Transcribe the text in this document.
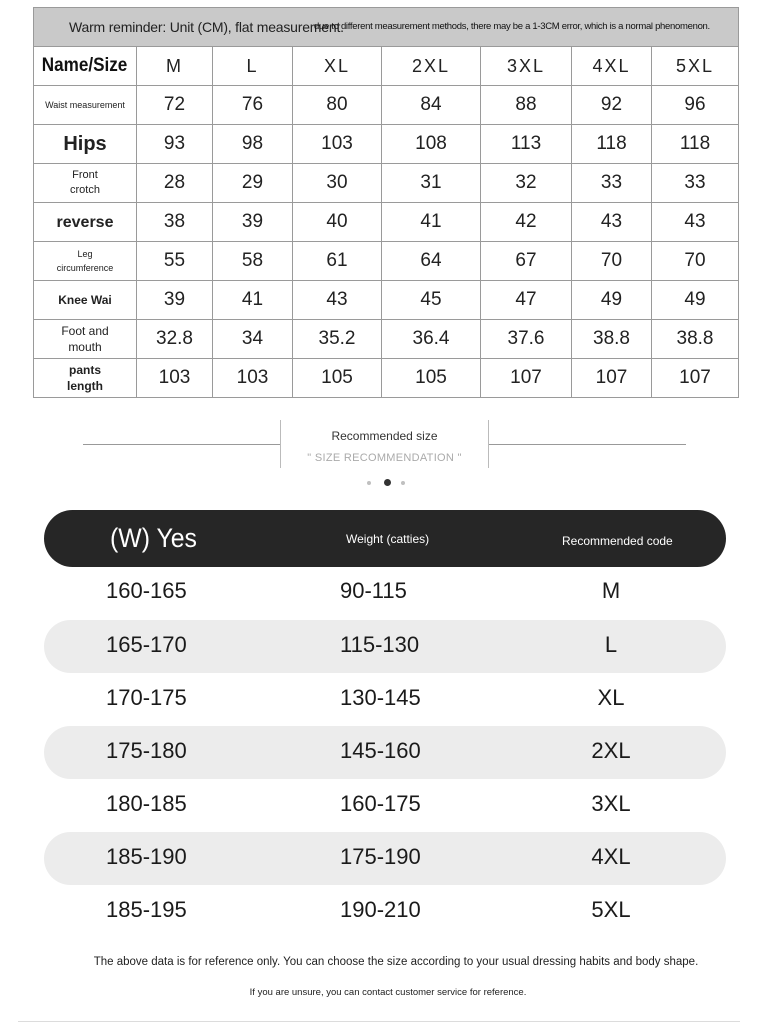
Warm reminder: Unit (CM), flat measurement.
due to different measurement methods, there may be a 1-3CM error, which is a normal phenomenon.							

Name/Size	M	L	XL	2XL	3XL	4XL	5XL
Waist measurement	72	76	80	84	88	92	96
Hips	93	98	103	108	113	118	118
Front crotch	28	29	30	31	32	33	33
reverse	38	39	40	41	42	43	43
Leg circumference	55	58	61	64	67	70	70
Knee Wai	39	41	43	45	47	49	49
Foot and mouth	32.8	34	35.2	36.4	37.6	38.8	38.8
pants length	103	103	105	105	107	107	107
Recommended size
" SIZE RECOMMENDATION "
(W) Yes	Weight (catties)	Recommended code
160-165	90-115	M
165-170	115-130	L
170-175	130-145	XL
175-180	145-160	2XL
180-185	160-175	3XL
185-190	175-190	4XL
185-195	190-210	5XL
The above data is for reference only. You can choose the size according to your usual dressing habits and body shape.
If you are unsure, you can contact customer service for reference.
